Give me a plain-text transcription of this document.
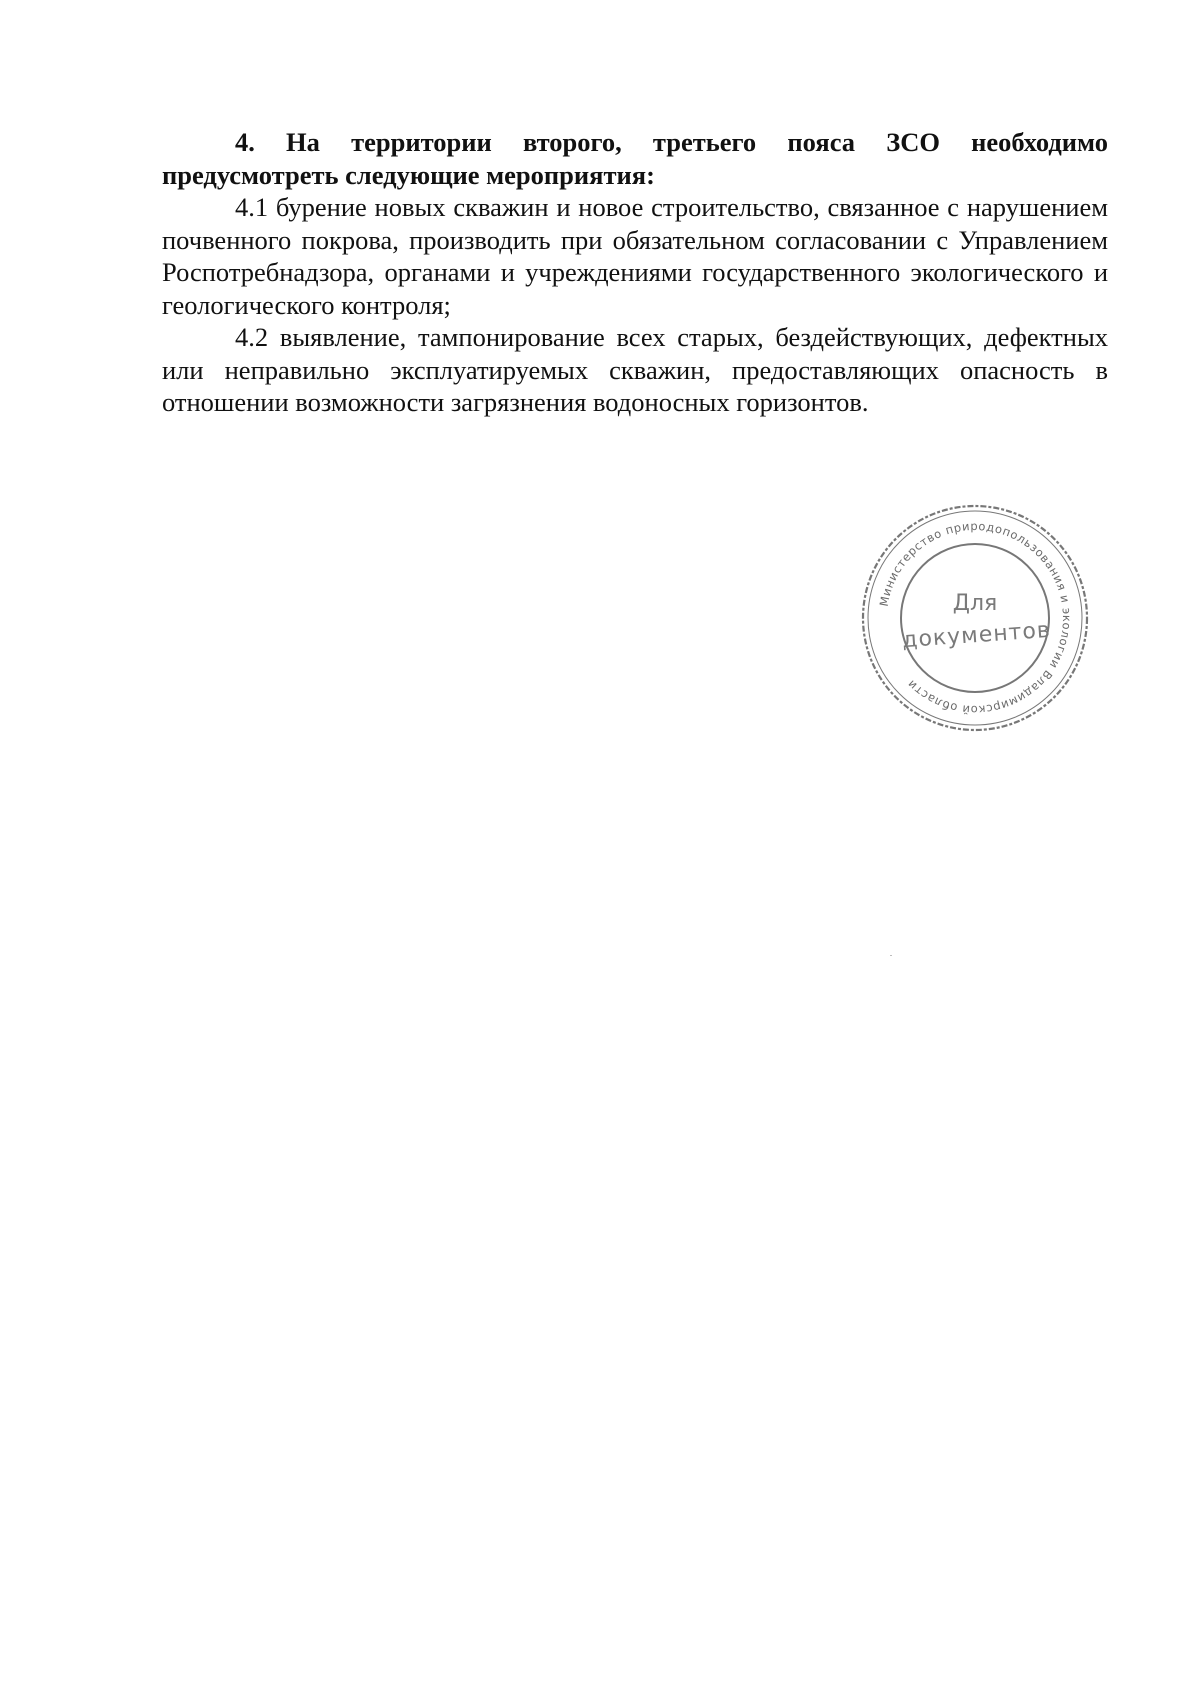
4. На территории второго, третьего пояса ЗСО необходимо предусмотреть следующие мероприятия:

4.1 бурение новых скважин и новое строительство, связанное с нарушением почвенного покрова, производить при обязательном согласовании с Управлением Роспотребнадзора, органами и учреждениями государственного экологического и геологического контроля;

4.2 выявление, тампонирование всех старых, бездействующих, дефектных или неправильно эксплуатируемых скважин, предоставляющих опасность в отношении возможности загрязнения водоносных горизонтов.

Министерство природопользования и экологии Владимирской области
Для
документов
